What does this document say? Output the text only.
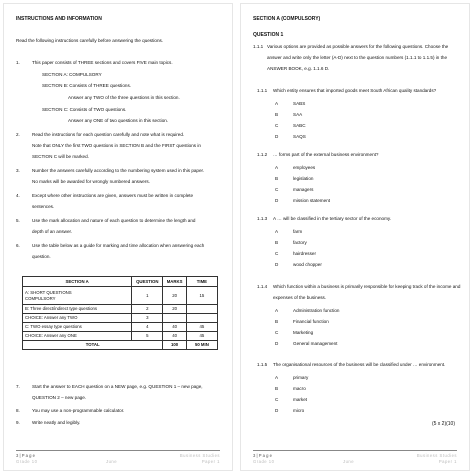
INSTRUCTIONS AND INFORMATION
Read the following instructions carefully before answering the questions.
1.	This paper consists of THREE sections and covers FIVE main topics.
SECTION A: COMPULSORY
SECTION B: Consists of THREE questions.
Answer any TWO of the three questions in this section.
SECTION C: Consists of TWO questions.
Answer any ONE of two questions in this section.
2.	Read the instructions for each question carefully and note what is required.
Note that ONLY the first TWO questions in SECTION B and the FIRST questions in
SECTION C will be marked.
3.	Number the answers carefully according to the numbering system used in this paper.
No marks will be awarded for wrongly numbered answers.
4.	Except where other instructions are given, answers must be written in complete
sentences.
5.	Use the mark allocation and nature of each question to determine the length and
depth of an answer.
6.	Use the table below as a guide for marking and time allocation when answering each
question.
SECTION A	QUESTION	MARKS	TIME
A: SHORT QUESTIONS
COMPULSORY	1	20	15
B: Three direct/indirect type questions	2	20	
CHOICE: Answer any TWO	3		
C: TWO essay type questions	4	40	45
CHOICE: Answer any ONE	5	40	45
TOTAL		100	50 MIN
7.	Start the answer to EACH question on a NEW page, e.g. QUESTION 1 – new page,
QUESTION 2 – new page.
8.	You may use a non-programmable calculator.
9.	Write neatly and legibly.
3 | P a g e	Business Studies
Grade 10	June	Paper 1
SECTION A (COMPULSORY)
QUESTION 1
1.1.1 Various options are provided as possible answers for the following questions. Choose the
answer and write only the letter (A-D) next to the question numbers (1.1.1 to 1.1.5) in the
ANSWER BOOK, e.g. 1.1.6 D.
1.1.1 Which entity ensures that imported goods meet South African quality standards?
A	SABS
B	SAA
C	SABC
D	SAQS
1.1.2 … forms part of the external business environment?
A	employees
B	legislation
C	managers
D	mission statement
1.1.3 A … will be classified in the tertiary sector of the economy.
A	farm
B	factory
C	hairdresser
D	wood chopper
1.1.4 Which function within a business is primarily responsible for keeping track of the income and
expenses of the business.
A	Administration function
B	Financial function
C	Marketing
D	General management
1.1.5 The organisational resources of the business will be classified under … environment.
A	primary
B	macro
C	market
D	micro
(5 x 2)(10)
3 | P a g e	Business Studies
Grade 10	June	Paper 1
